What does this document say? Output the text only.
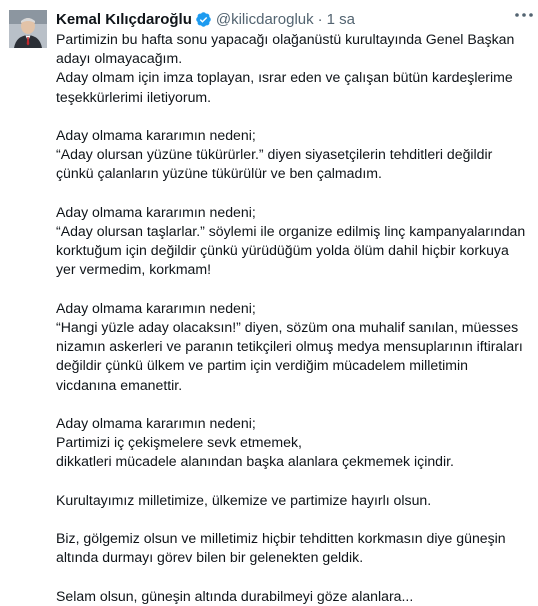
Kemal Kılıçdaroğlu @kilicdarogluk · 1 sa

Partimizin bu hafta sonu yapacağı olağanüstü kurultayında Genel Başkan

adayı olmayacağım.

Aday olmam için imza toplayan, ısrar eden ve çalışan bütün kardeşlerime

teşekkürlerimi iletiyorum.

Aday olmama kararımın nedeni;

“Aday olursan yüzüne tükürürler.” diyen siyasetçilerin tehditleri değildir

çünkü çalanların yüzüne tükürülür ve ben çalmadım.

Aday olmama kararımın nedeni;

“Aday olursan taşlarlar.” söylemi ile organize edilmiş linç kampanyalarından

korktuğum için değildir çünkü yürüdüğüm yolda ölüm dahil hiçbir korkuya

yer vermedim, korkmam!

Aday olmama kararımın nedeni;

“Hangi yüzle aday olacaksın!” diyen, sözüm ona muhalif sanılan, müesses

nizamın askerleri ve paranın tetikçileri olmuş medya mensuplarının iftiraları

değildir çünkü ülkem ve partim için verdiğim mücadelem milletimin

vicdanına emanettir.

Aday olmama kararımın nedeni;

Partimizi iç çekişmelere sevk etmemek,

dikkatleri mücadele alanından başka alanlara çekmemek içindir.

Kurultayımız milletimize, ülkemize ve partimize hayırlı olsun.

Biz, gölgemiz olsun ve milletimiz hiçbir tehditten korkmasın diye güneşin

altında durmayı görev bilen bir gelenekten geldik.

Selam olsun, güneşin altında durabilmeyi göze alanlara...
